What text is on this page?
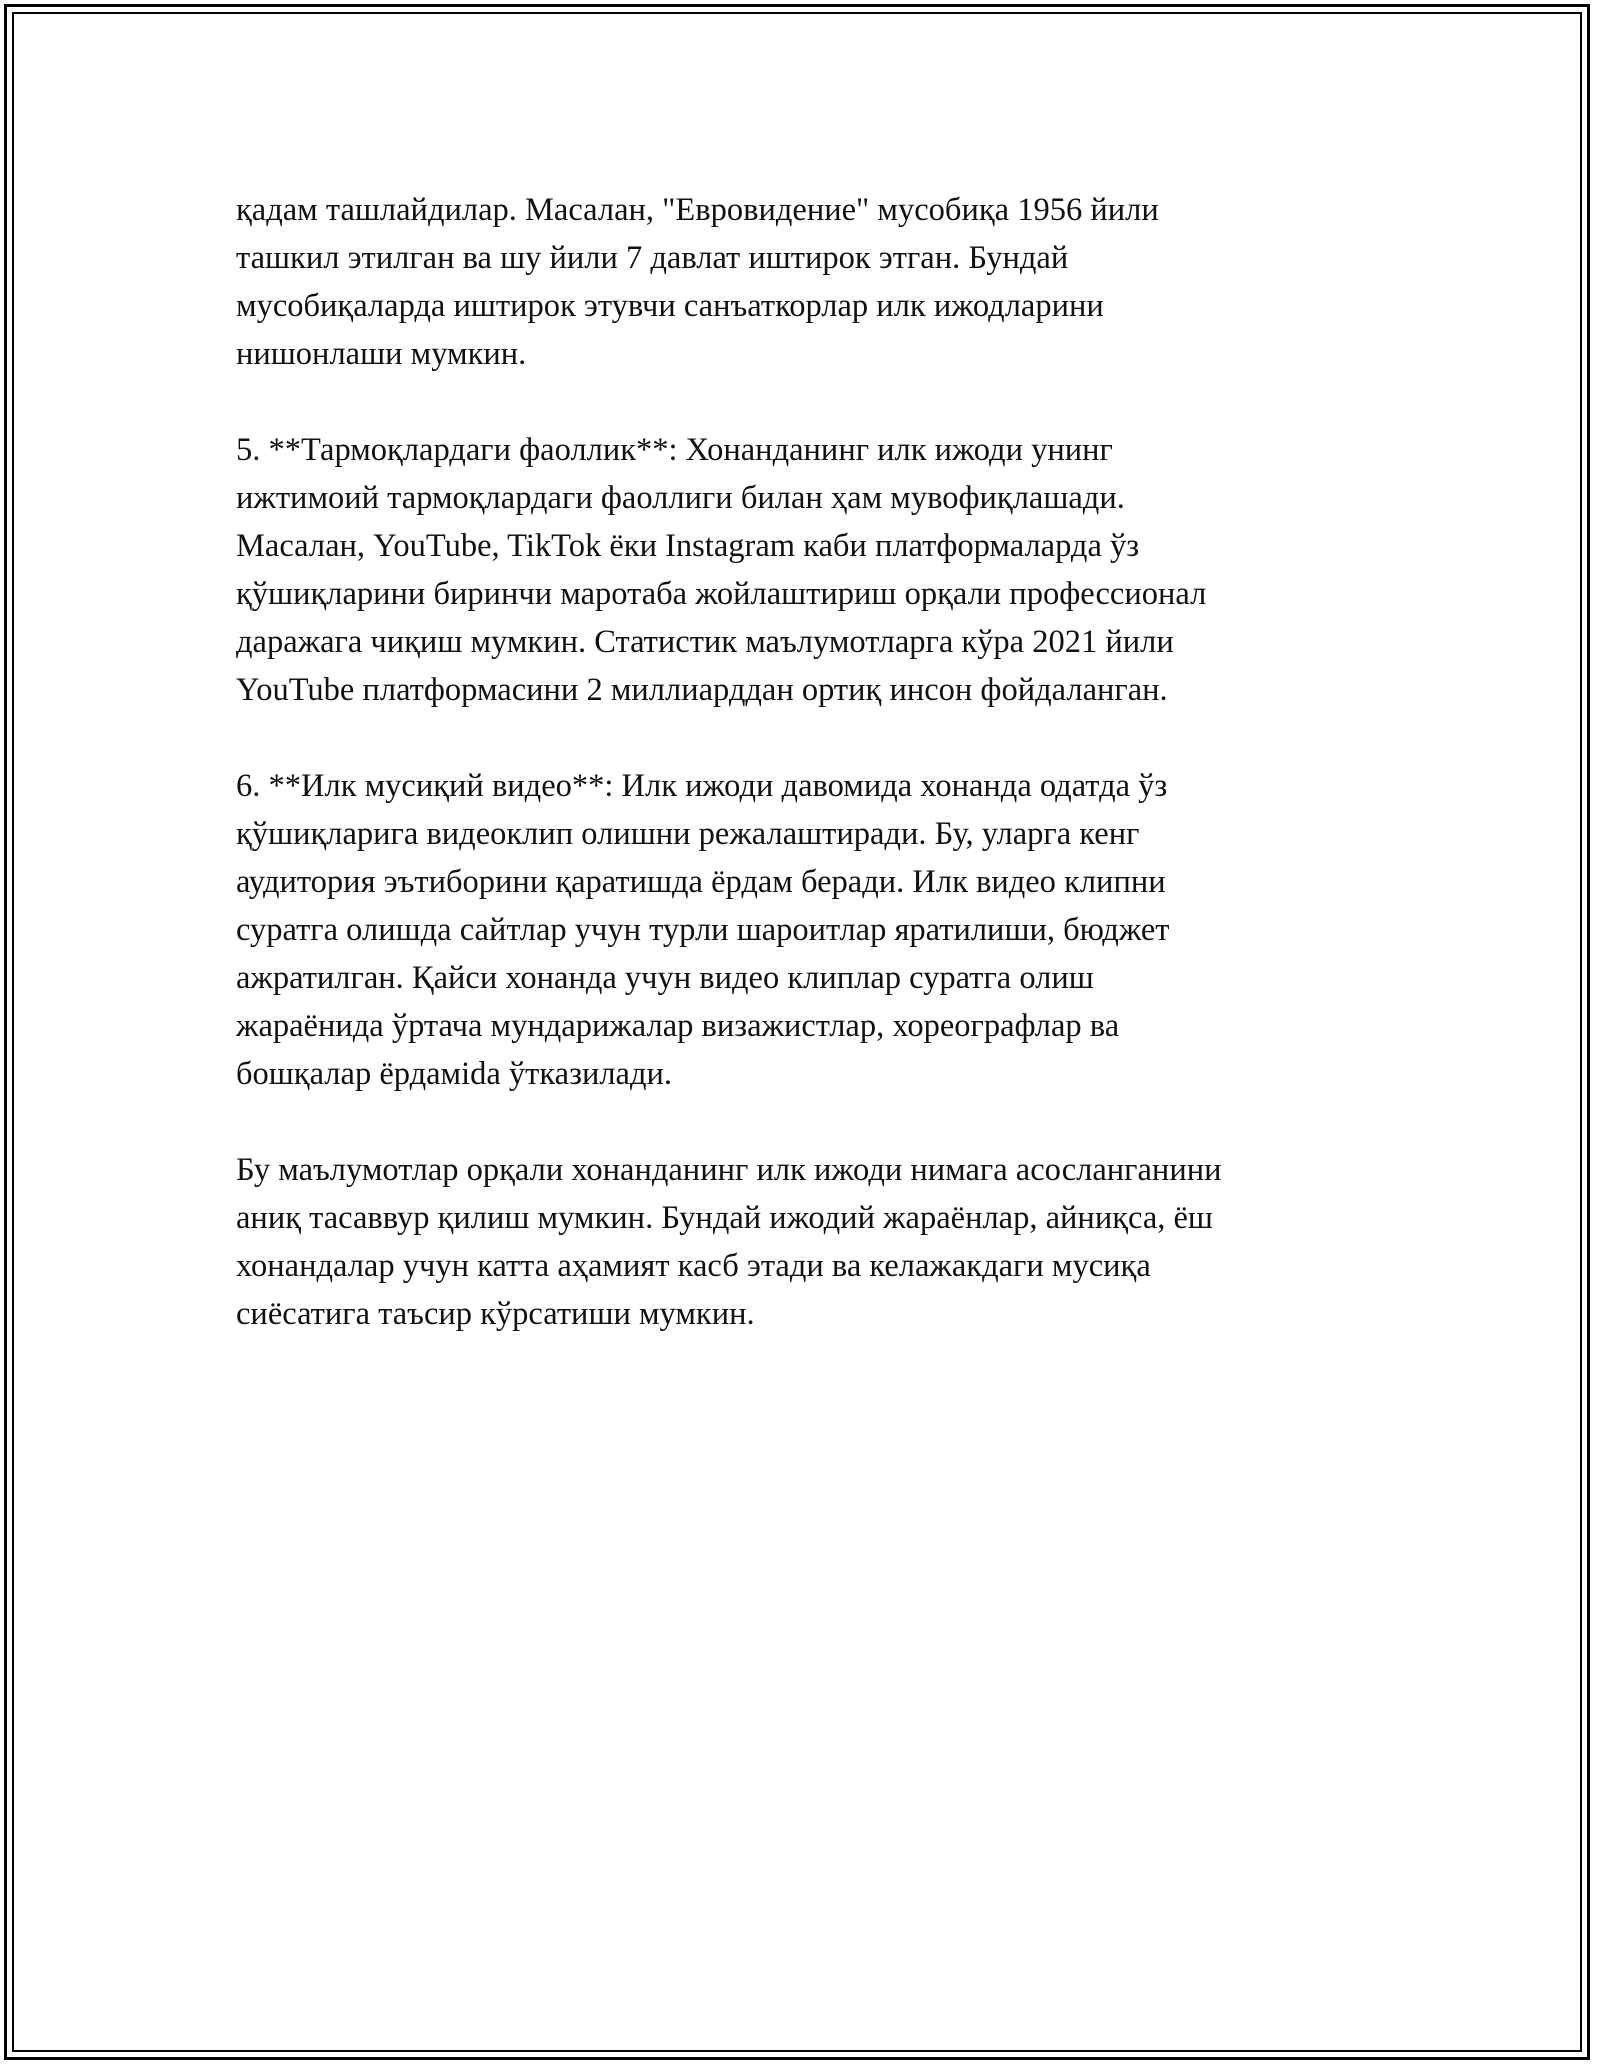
қадам ташлайдилар. Масалан, "Евровидение" мусобиқа 1956 йили
ташкил этилган ва шу йили 7 давлат иштирок этган. Бундай
мусобиқаларда иштирок этувчи санъаткорлар илк ижодларини
нишонлаши мумкин.

5. **Тармоқлардаги фаоллик**: Хонанданинг илк ижоди унинг
ижтимоий тармоқлардаги фаоллиги билан ҳам мувофиқлашади.
Масалан, YouTube, TikTok ёки Instagram каби платформаларда ўз
қўшиқларини биринчи маротаба жойлаштириш орқали профессионал
даражага чиқиш мумкин. Статистик маълумотларга кўра 2021 йили
YouTube платформасини 2 миллиарддан ортиқ инсон фойдаланган.

6. **Илк мусиқий видео**: Илк ижоди давомида хонанда одатда ўз
қўшиқларига видеоклип олишни режалаштиради. Бу, уларга кенг
аудитория эътиборини қаратишда ёрдам беради. Илк видео клипни
суратга олишда сайтлар учун турли шароитлар яратилиши, бюджет
ажратилган. Қайси хонанда учун видео клиплар суратга олиш
жараёнида ўртача мундарижалар визажистлар, хореографлар ва
бошқалар ёрдамida ўтказилади.

Бу маълумотлар орқали хонанданинг илк ижоди нимага асосланганини
аниқ тасаввур қилиш мумкин. Бундай ижодий жараёнлар, айниқса, ёш
хонандалар учун катта аҳамият касб этади ва келажакдаги мусиқа
сиёсатига таъсир кўрсатиши мумкин.
